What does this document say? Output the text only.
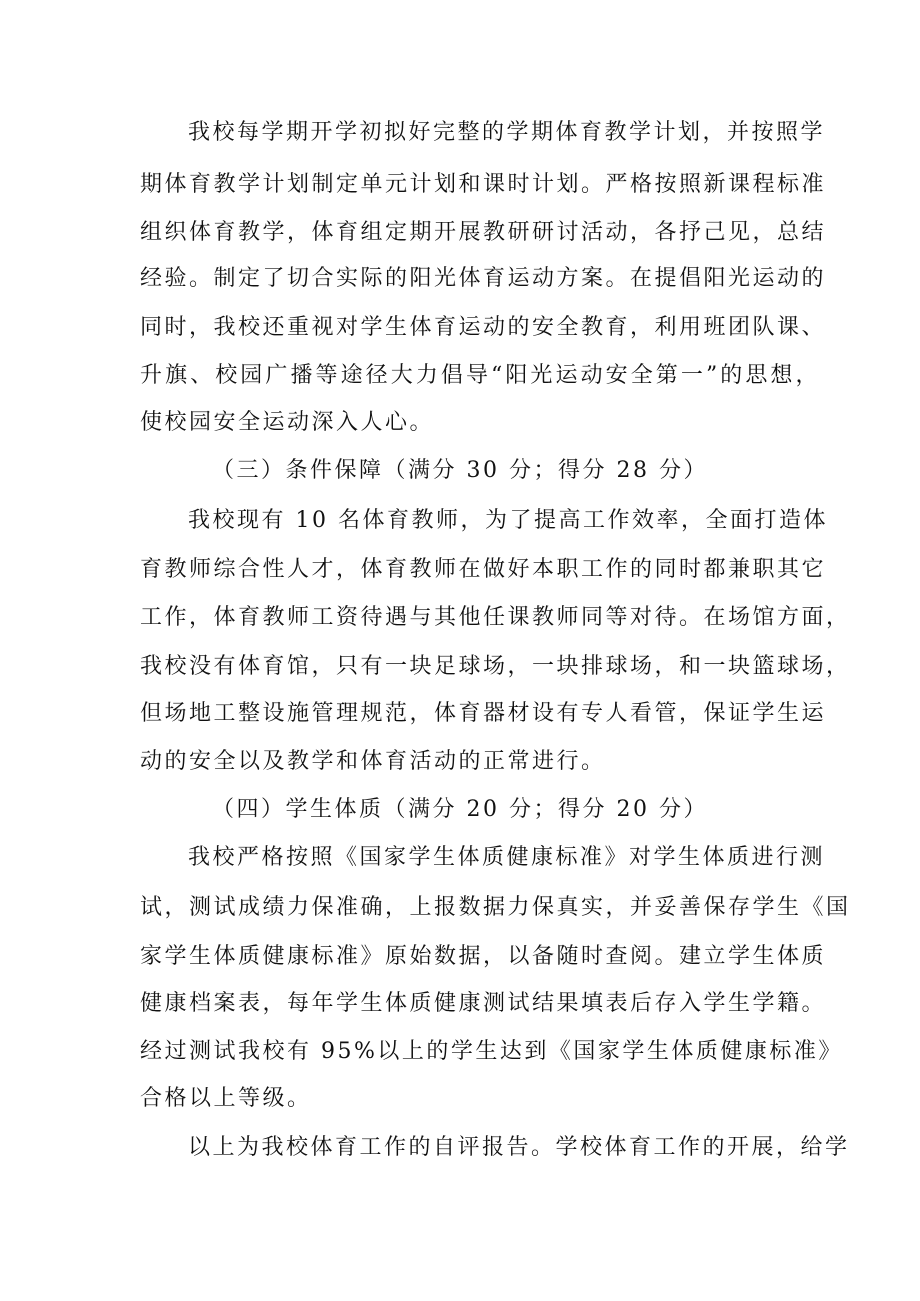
我校每学期开学初拟好完整的学期体育教学计划，并按照学
期体育教学计划制定单元计划和课时计划。严格按照新课程标准
组织体育教学，体育组定期开展教研研讨活动，各抒己见，总结
经验。制定了切合实际的阳光体育运动方案。在提倡阳光运动的
同时，我校还重视对学生体育运动的安全教育，利用班团队课、
升旗、校园广播等途径大力倡导“阳光运动安全第一”的思想，
使校园安全运动深入人心。
（三）条件保障（满分 30 分；得分 28 分）
我校现有 10 名体育教师，为了提高工作效率，全面打造体
育教师综合性人才，体育教师在做好本职工作的同时都兼职其它
工作，体育教师工资待遇与其他任课教师同等对待。在场馆方面，
我校没有体育馆，只有一块足球场，一块排球场，和一块篮球场，
但场地工整设施管理规范，体育器材设有专人看管，保证学生运
动的安全以及教学和体育活动的正常进行。
（四）学生体质（满分 20 分；得分 20 分）
我校严格按照《国家学生体质健康标准》对学生体质进行测
试，测试成绩力保准确，上报数据力保真实，并妥善保存学生《国
家学生体质健康标准》原始数据，以备随时查阅。建立学生体质
健康档案表，每年学生体质健康测试结果填表后存入学生学籍。
经过测试我校有 95%以上的学生达到《国家学生体质健康标准》
合格以上等级。
以上为我校体育工作的自评报告。学校体育工作的开展，给学
